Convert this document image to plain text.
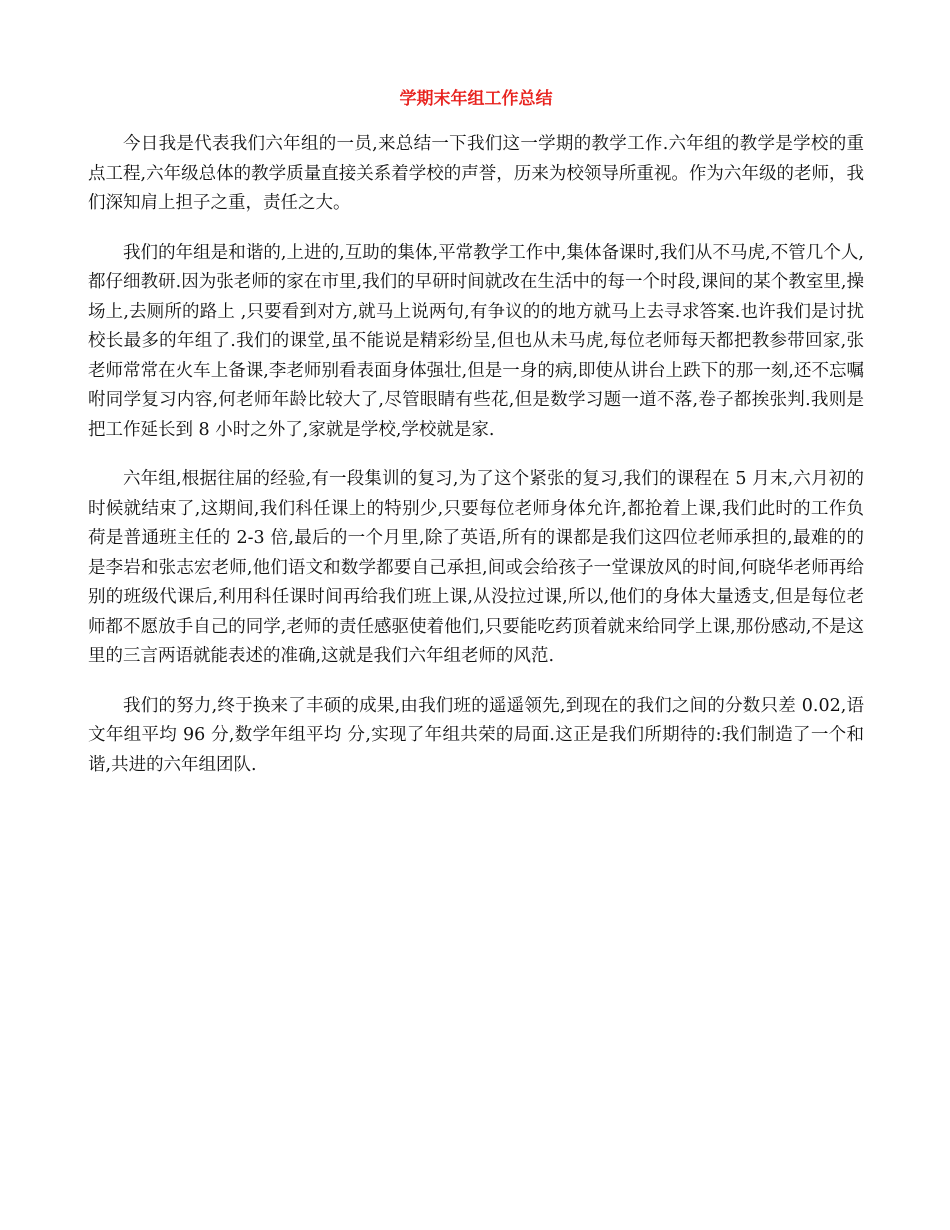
学期末年组工作总结

今日我是代表我们六年组的一员,来总结一下我们这一学期的教学工作.六年组的教学是学校的重点工程,六年级总体的教学质量直接关系着学校的声誉，历来为校领导所重视。作为六年级的老师，我们深知肩上担子之重，责任之大。

我们的年组是和谐的,上进的,互助的集体,平常教学工作中,集体备课时,我们从不马虎,不管几个人,都仔细教研.因为张老师的家在市里,我们的早研时间就改在生活中的每一个时段,课间的某个教室里,操场上,去厕所的路上 ,只要看到对方,就马上说两句,有争议的的地方就马上去寻求答案.也许我们是讨扰校长最多的年组了.我们的课堂,虽不能说是精彩纷呈,但也从未马虎,每位老师每天都把教参带回家,张老师常常在火车上备课,李老师别看表面身体强壮,但是一身的病,即使从讲台上跌下的那一刻,还不忘嘱咐同学复习内容,何老师年龄比较大了,尽管眼睛有些花,但是数学习题一道不落,卷子都挨张判.我则是把工作延长到 8 小时之外了,家就是学校,学校就是家.

六年组,根据往届的经验,有一段集训的复习,为了这个紧张的复习,我们的课程在 5 月末,六月初的时候就结束了,这期间,我们科任课上的特别少,只要每位老师身体允许,都抢着上课,我们此时的工作负荷是普通班主任的 2-3 倍,最后的一个月里,除了英语,所有的课都是我们这四位老师承担的,最难的的是李岩和张志宏老师,他们语文和数学都要自己承担,间或会给孩子一堂课放风的时间,何晓华老师再给别的班级代课后,利用科任课时间再给我们班上课,从没拉过课,所以,他们的身体大量透支,但是每位老师都不愿放手自己的同学,老师的责任感驱使着他们,只要能吃药顶着就来给同学上课,那份感动,不是这里的三言两语就能表述的准确,这就是我们六年组老师的风范.

我们的努力,终于换来了丰硕的成果,由我们班的遥遥领先,到现在的我们之间的分数只差 0.02,语文年组平均 96 分,数学年组平均 分,实现了年组共荣的局面.这正是我们所期待的:我们制造了一个和谐,共进的六年组团队.
